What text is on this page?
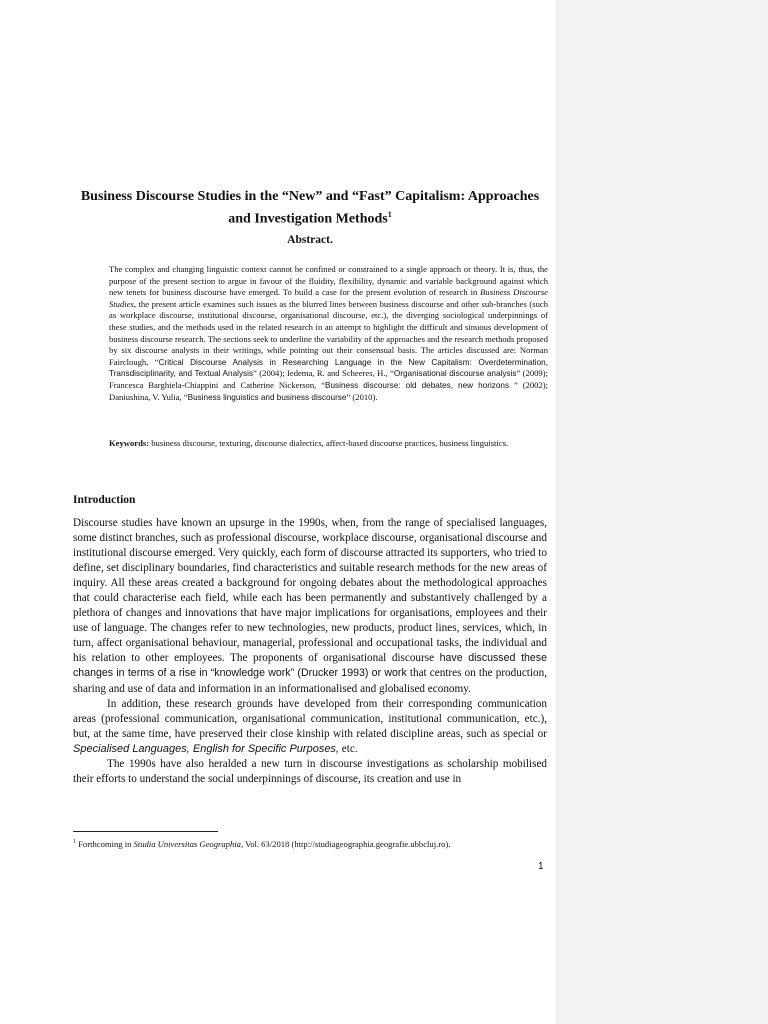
Business Discourse Studies in the “New” and “Fast” Capitalism: Approaches and Investigation Methods$^1$
Abstract.
The complex and changing linguistic context cannot be confined or constrained to a single approach or theory. It is, thus, the purpose of the present section to argue in favour of the fluidity, flexibility, dynamic and variable background against which new tenets for business discourse have emerged. To build a case for the present evolution of research in Business Discourse Studies, the present article examines such issues as the blurred lines between business discourse and other sub-branches (such as workplace discourse, institutional discourse, organisational discourse, etc.), the diverging sociological underpinnings of these studies, and the methods used in the related research in an attempt to highlight the difficult and sinuous development of business discourse research. The sections seek to underline the variability of the approaches and the research methods proposed by six discourse analysts in their writings, while pointing out their consensual basis. The articles discussed are: Norman Fairclough, “Critical Discourse Analysis in Researching Language in the New Capitalism: Overdetermination, Transdisciplinarity, and Textual Analysis” (2004); Iedema, R. and Scheeres, H., “Organisational discourse analysis” (2009); Francesca Barghiela-Chiappini and Catherine Nickerson, “Business discourse: old debates, new horizons ” (2002); Daniushina, V. Yulia, “Business linguistics and business discourse” (2010).
Keywords: business discourse, texturing, discourse dialectics, affect-based discourse practices, business linguistics.
Introduction

Discourse studies have known an upsurge in the 1990s, when, from the range of specialised languages, some distinct branches, such as professional discourse, workplace discourse, organisational discourse and institutional discourse emerged. Very quickly, each form of discourse attracted its supporters, who tried to define, set disciplinary boundaries, find characteristics and suitable research methods for the new areas of inquiry. All these areas created a background for ongoing debates about the methodological approaches that could characterise each field, while each has been permanently and substantively challenged by a plethora of changes and innovations that have major implications for organisations, employees and their use of language. The changes refer to new technologies, new products, product lines, services, which, in turn, affect organisational behaviour, managerial, professional and occupational tasks, the individual and his relation to other employees. The proponents of organisational discourse have discussed these changes in terms of a rise in “knowledge work” (Drucker 1993) or work that centres on the production, sharing and use of data and information in an informationalised and globalised economy.

In addition, these research grounds have developed from their corresponding communication areas (professional communication, organisational communication, institutional communication, etc.), but, at the same time, have preserved their close kinship with related discipline areas, such as special or Specialised Languages, English for Specific Purposes, etc.

The 1990s have also heralded a new turn in discourse investigations as scholarship mobilised their efforts to understand the social underpinnings of discourse, its creation and use in

$^1$ Forthcoming in Studia Universitas Geographia, Vol. 63/2018 (http://studiageographia.geografie.ubbcluj.ro).
1
